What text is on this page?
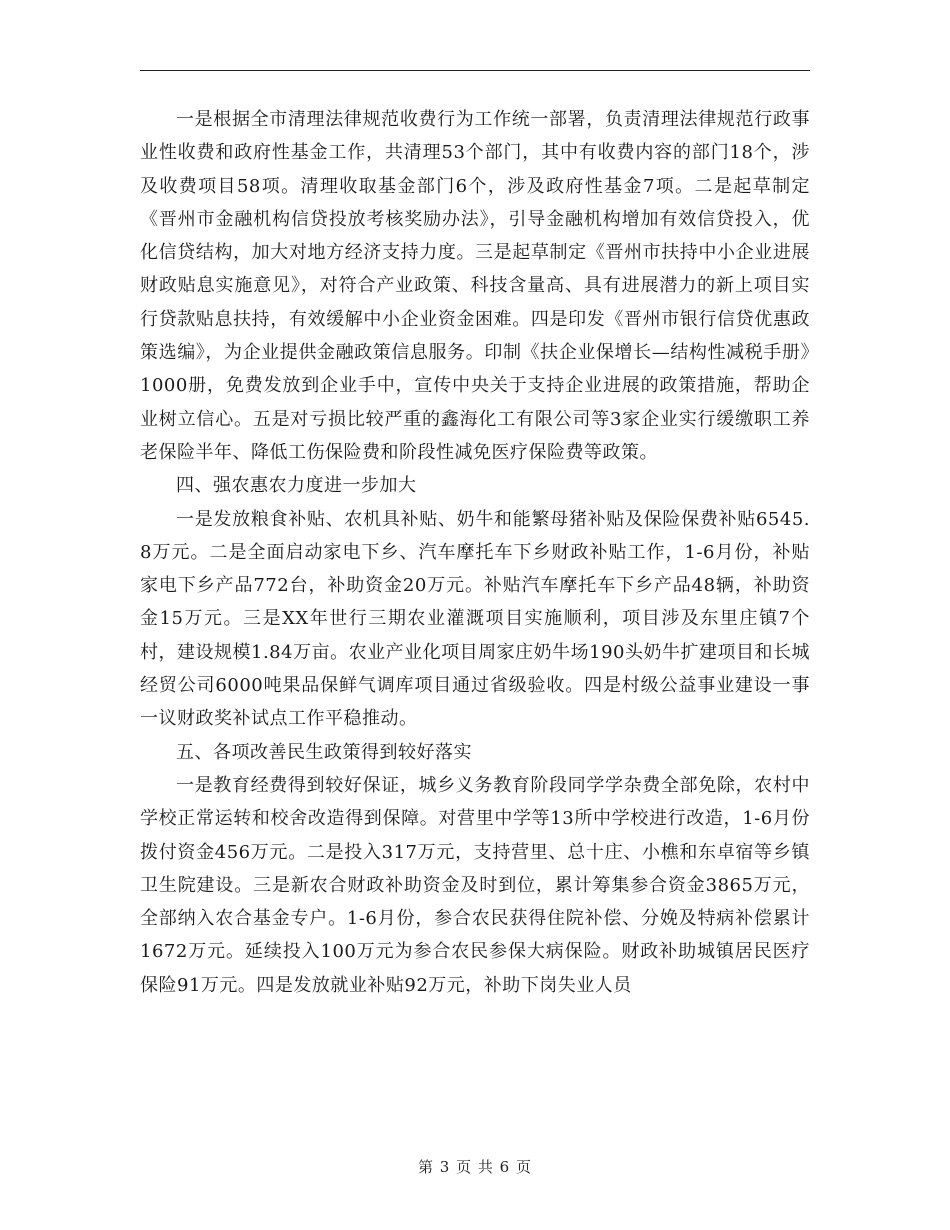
一是根据全市清理法律规范收费行为工作统一部署，负责清理法律规范行政事业性收费和政府性基金工作，共清理53个部门，其中有收费内容的部门18个，涉及收费项目58项。清理收取基金部门6个，涉及政府性基金7项。二是起草制定《晋州市金融机构信贷投放考核奖励办法》，引导金融机构增加有效信贷投入，优化信贷结构，加大对地方经济支持力度。三是起草制定《晋州市扶持中小企业进展财政贴息实施意见》，对符合产业政策、科技含量高、具有进展潜力的新上项目实行贷款贴息扶持，有效缓解中小企业资金困难。四是印发《晋州市银行信贷优惠政策选编》，为企业提供金融政策信息服务。印制《扶企业保增长—结构性减税手册》1000册，免费发放到企业手中，宣传中央关于支持企业进展的政策措施，帮助企业树立信心。五是对亏损比较严重的鑫海化工有限公司等3家企业实行缓缴职工养老保险半年、降低工伤保险费和阶段性减免医疗保险费等政策。

四、强农惠农力度进一步加大

一是发放粮食补贴、农机具补贴、奶牛和能繁母猪补贴及保险保费补贴6545.8万元。二是全面启动家电下乡、汽车摩托车下乡财政补贴工作，1-6月份，补贴家电下乡产品772台，补助资金20万元。补贴汽车摩托车下乡产品48辆，补助资金15万元。三是XX年世行三期农业灌溉项目实施顺利，项目涉及东里庄镇7个村，建设规模1.84万亩。农业产业化项目周家庄奶牛场190头奶牛扩建项目和长城经贸公司6000吨果品保鲜气调库项目通过省级验收。四是村级公益事业建设一事一议财政奖补试点工作平稳推动。

五、各项改善民生政策得到较好落实

一是教育经费得到较好保证，城乡义务教育阶段同学学杂费全部免除，农村中学校正常运转和校舍改造得到保障。对营里中学等13所中学校进行改造，1-6月份拨付资金456万元。二是投入317万元，支持营里、总十庄、小樵和东卓宿等乡镇卫生院建设。三是新农合财政补助资金及时到位，累计筹集参合资金3865万元，全部纳入农合基金专户。1-6月份，参合农民获得住院补偿、分娩及特病补偿累计1672万元。延续投入100万元为参合农民参保大病保险。财政补助城镇居民医疗保险91万元。四是发放就业补贴92万元，补助下岗失业人员

第 3 页 共 6 页
